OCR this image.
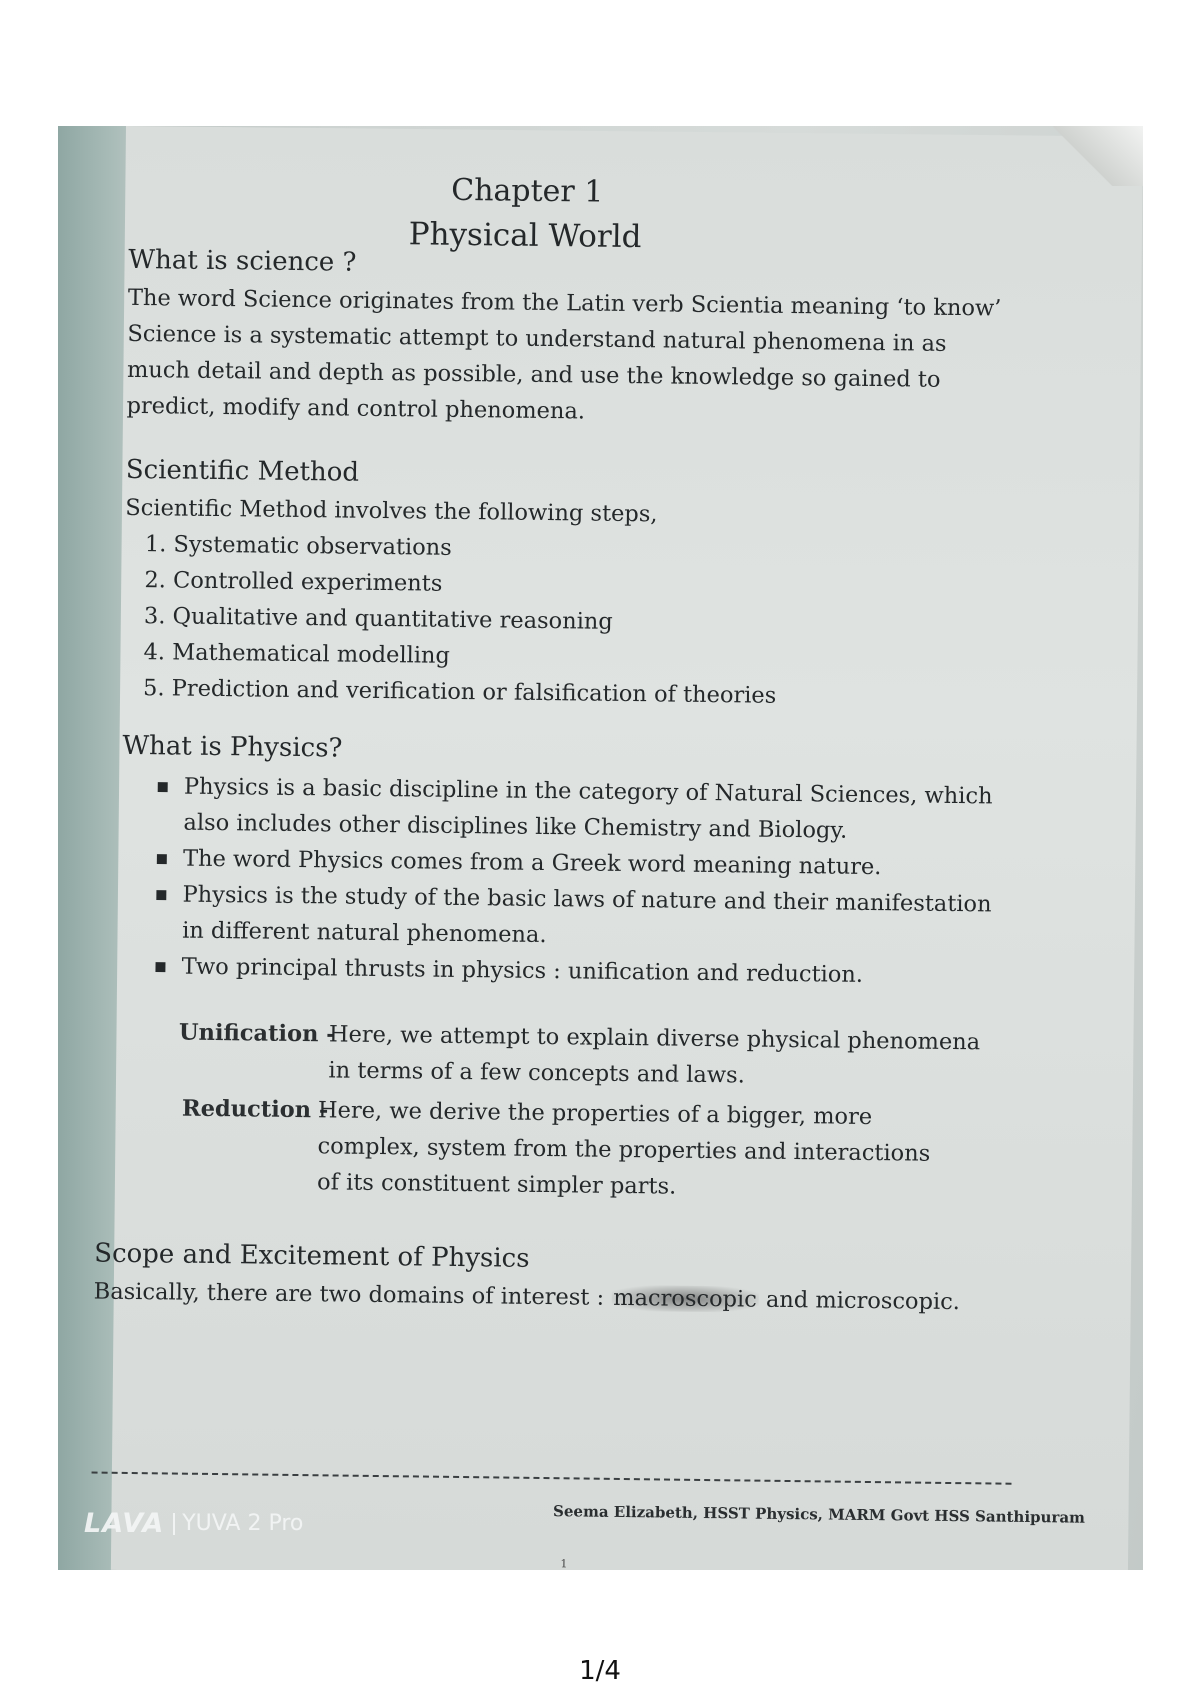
Chapter 1
Physical World
What is science ?
The word Science originates from the Latin verb Scientia meaning ‘to know’
Science is a systematic attempt to understand natural phenomena in as
much detail and depth as possible, and use the knowledge so gained to
predict, modify and control phenomena.
Scientific Method
Scientific Method involves the following steps,
1. Systematic observations
2. Controlled experiments
3. Qualitative and quantitative reasoning
4. Mathematical modelling
5. Prediction and verification or falsification of theories
What is Physics?
▪ Physics is a basic discipline in the category of Natural Sciences, which
also includes other disciplines like Chemistry and Biology.
▪ The word Physics comes from a Greek word meaning nature.
▪ Physics is the study of the basic laws of nature and their manifestation
in different natural phenomena.
▪ Two principal thrusts in physics : unification and reduction.
Unification -
Here, we attempt to explain diverse physical phenomena
in terms of a few concepts and laws.
Reduction -
Here, we derive the properties of a bigger, more
complex, system from the properties and interactions
of its constituent simpler parts.
Scope and Excitement of Physics
Basically, there are two domains of interest : macroscopic and microscopic.
Seema Elizabeth, HSST Physics, MARM Govt HSS Santhipuram
1
LAVA YUVA 2 Pro
1/4
